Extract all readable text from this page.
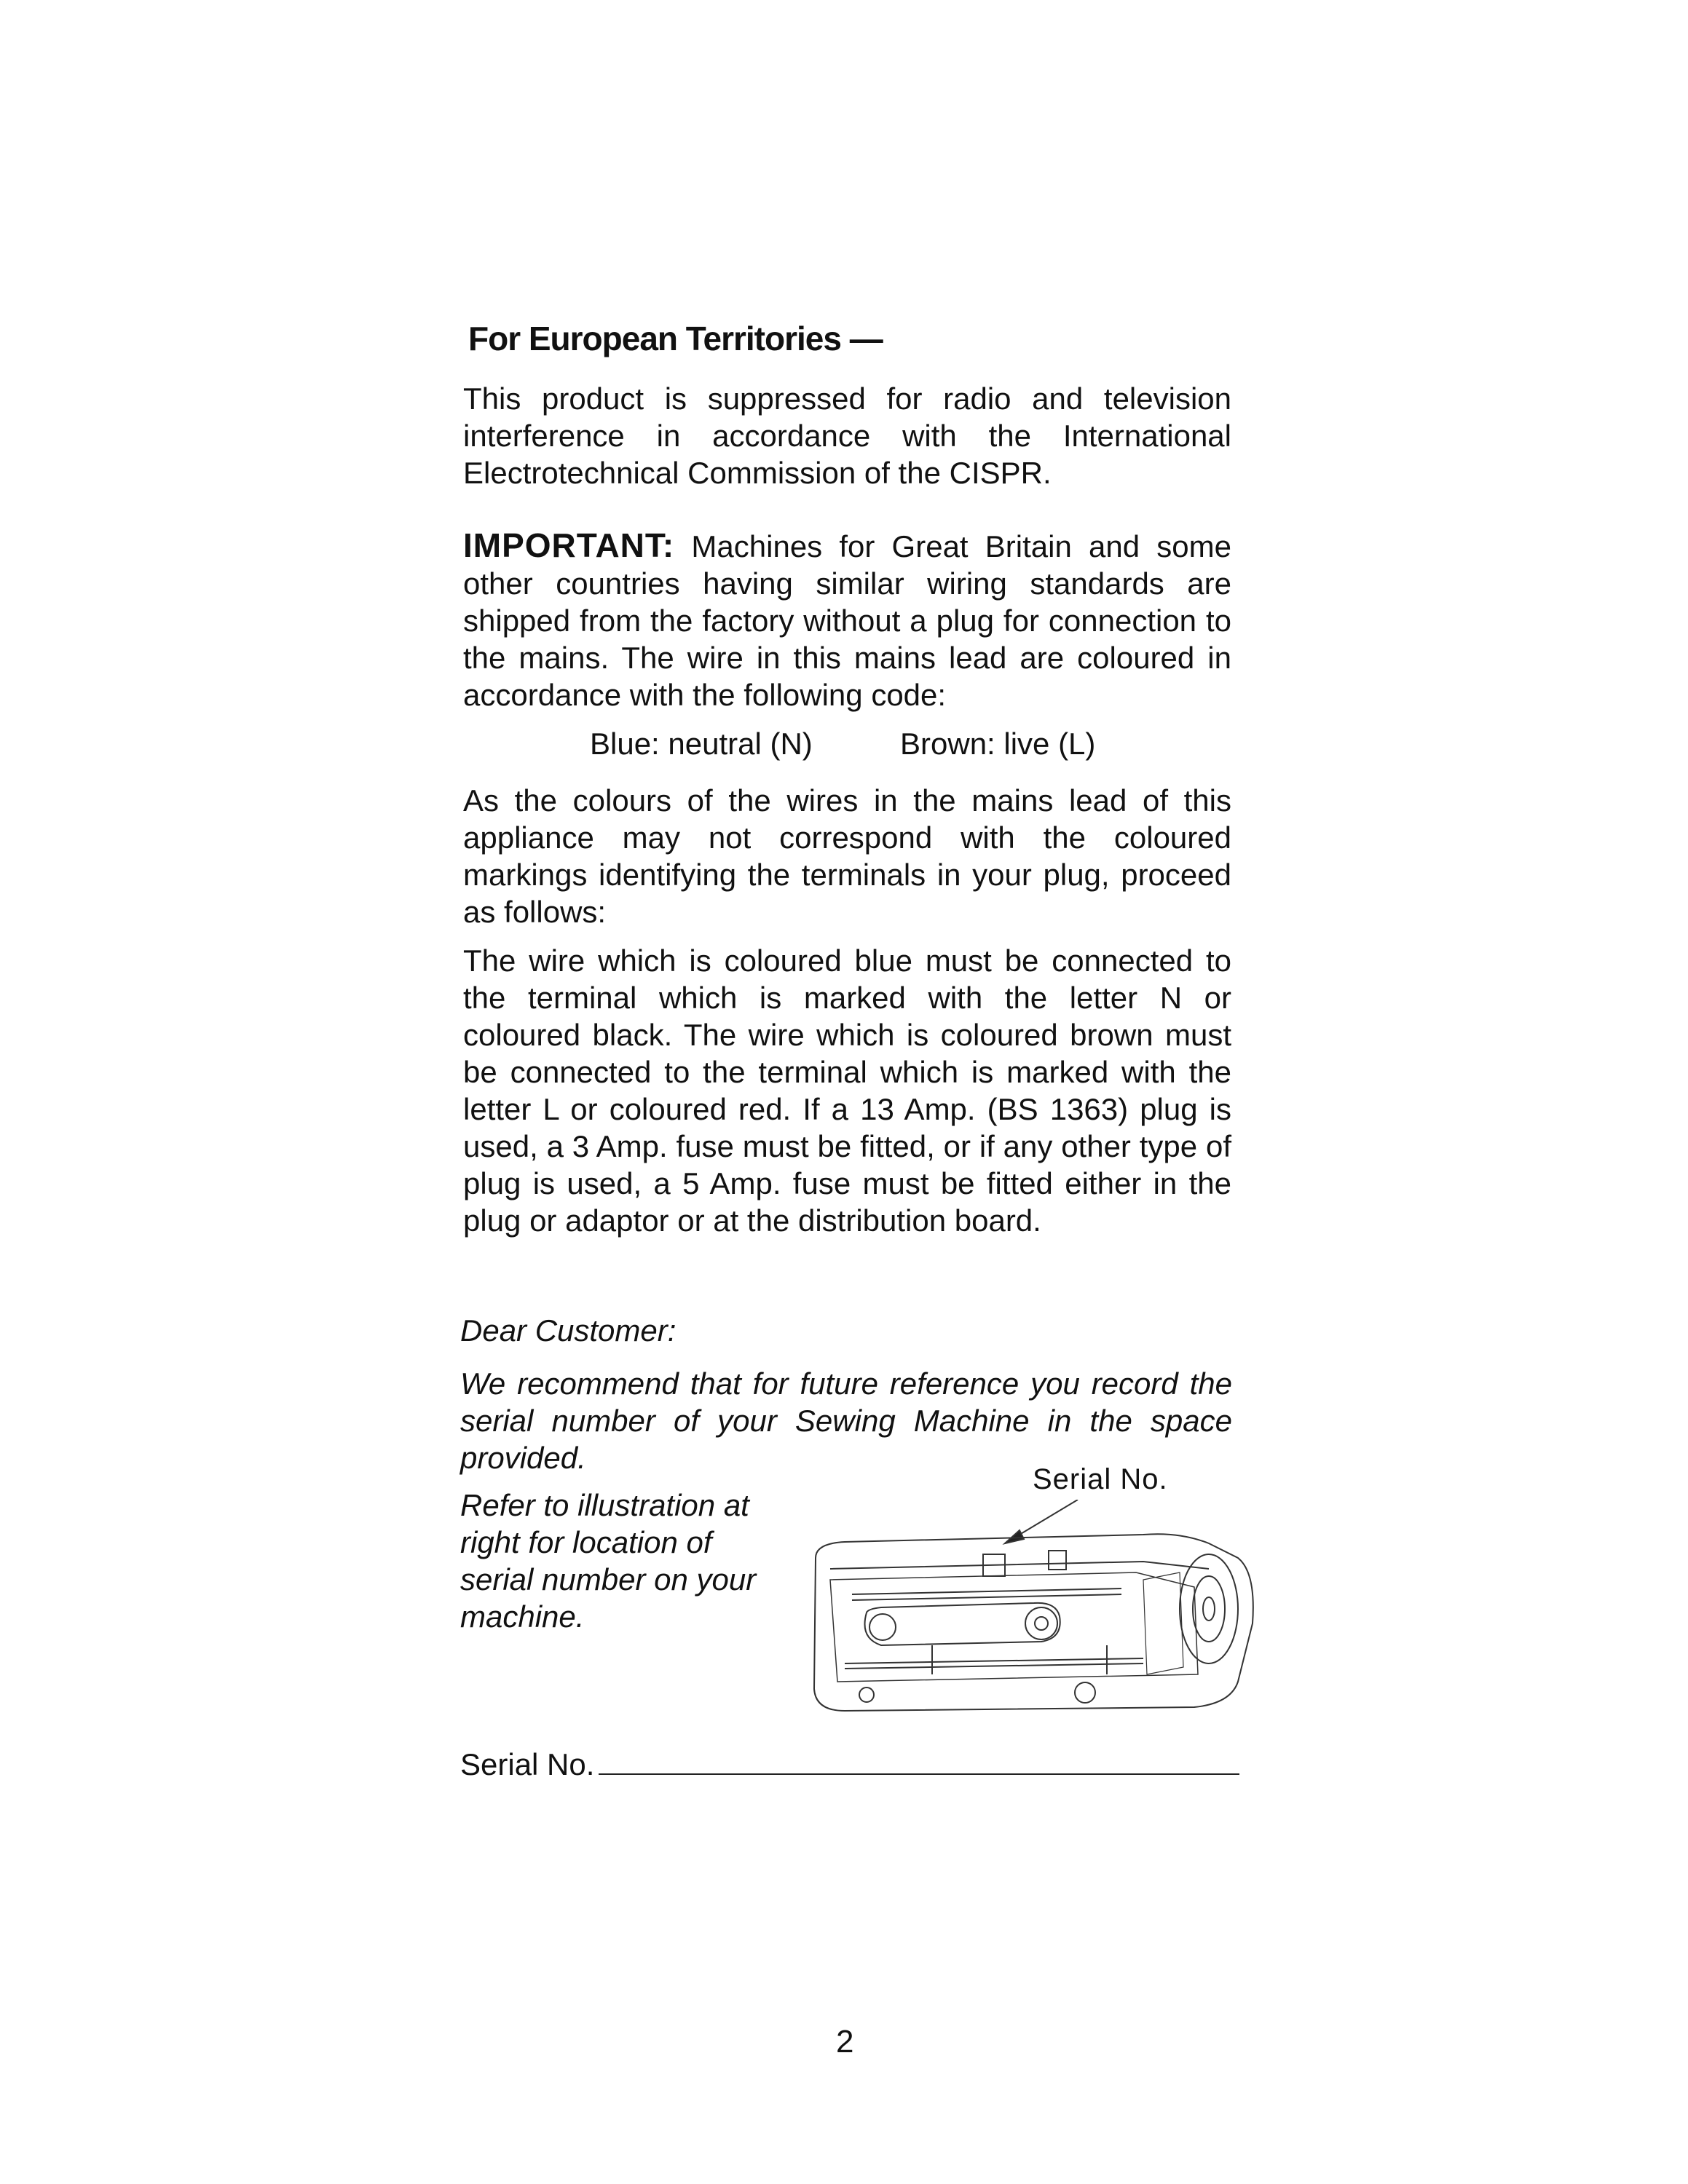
For European Territories —

This product is suppressed for radio and television interference in accordance with the International Electrotechnical Commission of the CISPR.

IMPORTANT: Machines for Great Britain and some other countries having similar wiring standards are shipped from the factory without a plug for connection to the mains. The wire in this mains lead are coloured in accordance with the following code:

Blue: neutral (N)	Brown: live (L)

As the colours of the wires in the mains lead of this appliance may not correspond with the coloured markings identifying the terminals in your plug, proceed as follows:

The wire which is coloured blue must be connected to the terminal which is marked with the letter N or coloured black. The wire which is coloured brown must be connected to the terminal which is marked with the letter L or coloured red. If a 13 Amp. (BS 1363) plug is used, a 3 Amp. fuse must be fitted, or if any other type of plug is used, a 5 Amp. fuse must be fitted either in the plug or adaptor or at the distribution board.

Dear Customer:

We recommend that for future reference you record the serial number of your Sewing Machine in the space provided.

Refer to illustration at right for location of serial number on your machine.

Serial No.
Serial No.
2
